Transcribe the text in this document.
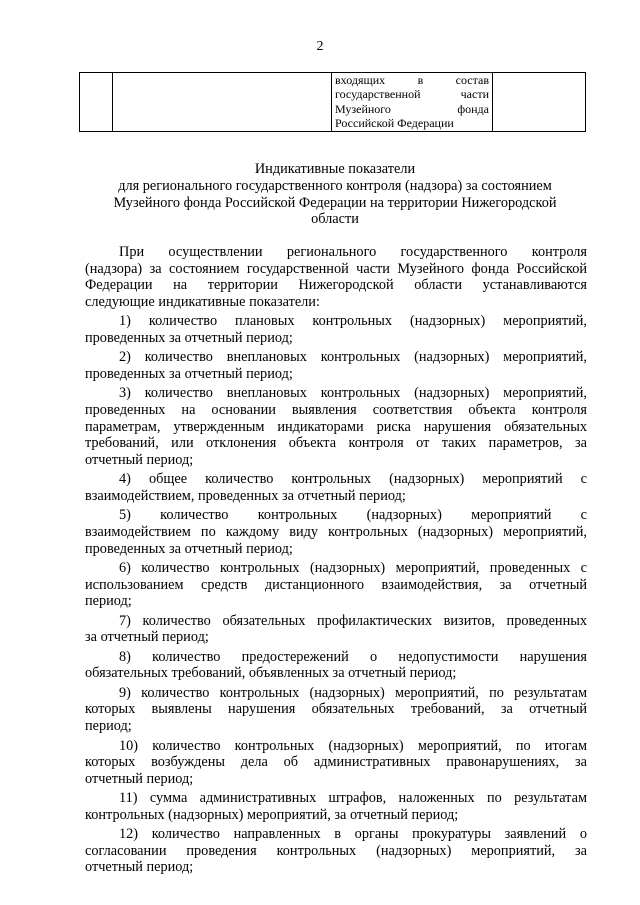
2

входящих в состав
государственной части
Музейного фонда
Российской Федерации

Индикативные показатели
для регионального государственного контроля (надзора) за состоянием
Музейного фонда Российской Федерации на территории Нижегородской
области

При осуществлении регионального государственного контроля
(надзора) за состоянием государственной части Музейного фонда Российской
Федерации на территории Нижегородской области устанавливаются
следующие индикативные показатели:

1) количество плановых контрольных (надзорных) мероприятий,
проведенных за отчетный период;

2) количество внеплановых контрольных (надзорных) мероприятий,
проведенных за отчетный период;

3) количество внеплановых контрольных (надзорных) мероприятий,
проведенных на основании выявления соответствия объекта контроля
параметрам, утвержденным индикаторами риска нарушения обязательных
требований, или отклонения объекта контроля от таких параметров, за
отчетный период;

4) общее количество контрольных (надзорных) мероприятий с
взаимодействием, проведенных за отчетный период;

5) количество контрольных (надзорных) мероприятий с
взаимодействием по каждому виду контрольных (надзорных) мероприятий,
проведенных за отчетный период;

6) количество контрольных (надзорных) мероприятий, проведенных с
использованием средств дистанционного взаимодействия, за отчетный
период;

7) количество обязательных профилактических визитов, проведенных
за отчетный период;

8) количество предостережений о недопустимости нарушения
обязательных требований, объявленных за отчетный период;

9) количество контрольных (надзорных) мероприятий, по результатам
которых выявлены нарушения обязательных требований, за отчетный
период;

10) количество контрольных (надзорных) мероприятий, по итогам
которых возбуждены дела об административных правонарушениях, за
отчетный период;

11) сумма административных штрафов, наложенных по результатам
контрольных (надзорных) мероприятий, за отчетный период;

12) количество направленных в органы прокуратуры заявлений о
согласовании проведения контрольных (надзорных) мероприятий, за
отчетный период;
